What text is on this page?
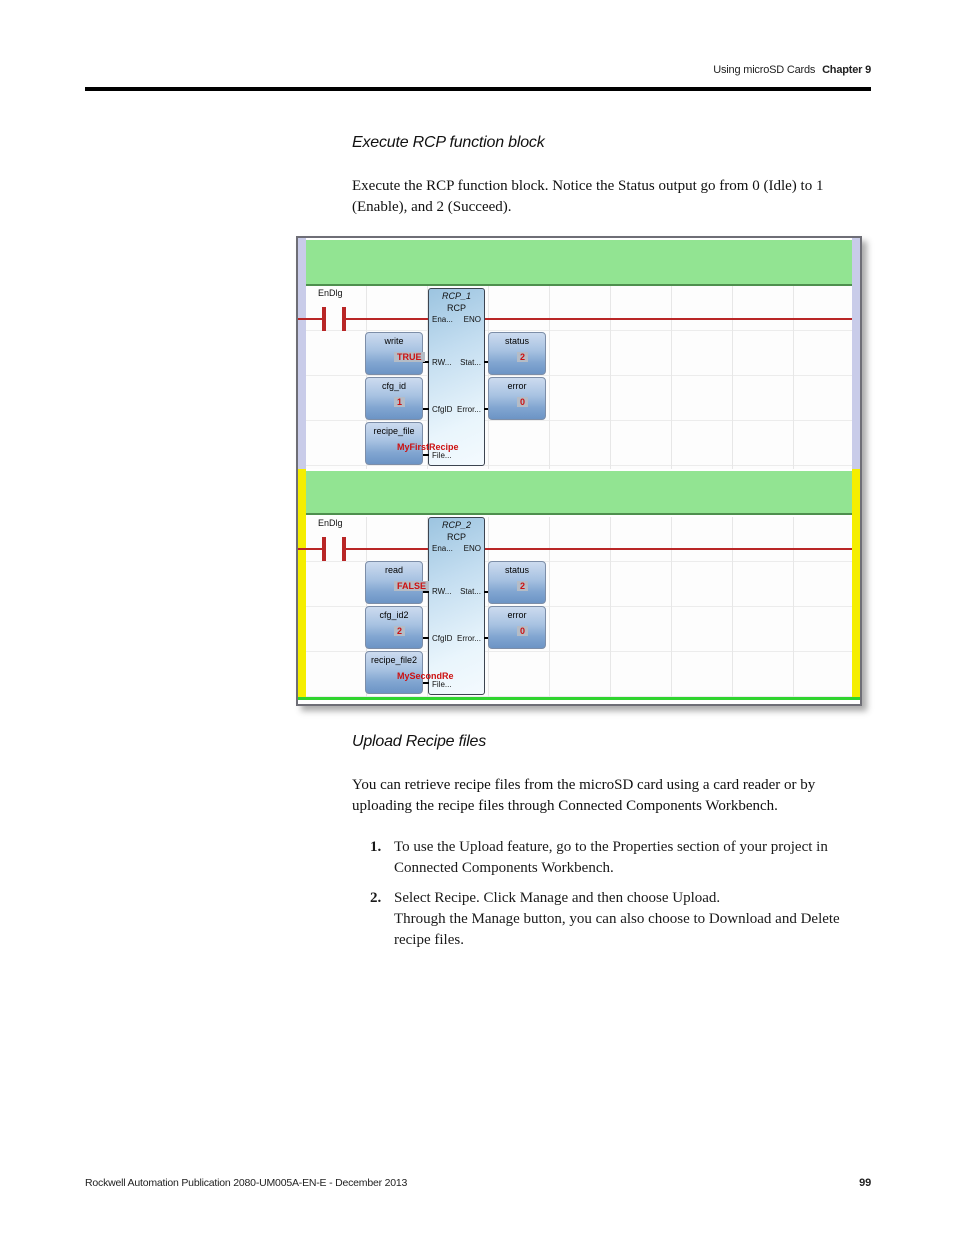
Using microSD Cards Chapter 9
Execute RCP function block

Execute the RCP function block. Notice the Status output go from 0 (Idle) to 1 (Enable), and 2 (Succeed).

EnDlg	RCP_1
RCP
Ena... ENO
RW... Stat...
CfgID Error...
File...
write
TRUE
cfg_id
1
recipe_file
MyFirstRecipe
status
2
error
0
EnDlg	RCP_2
RCP
Ena... ENO
RW... Stat...
CfgID Error...
File...
read
FALSE
cfg_id2
2
recipe_file2
MySecondRe
status
2
error
0
Upload Recipe files

You can retrieve recipe files from the microSD card using a card reader or by uploading the recipe files through Connected Components Workbench.

1. To use the Upload feature, go to the Properties section of your project in Connected Components Workbench.
2. Select Recipe. Click Manage and then choose Upload.
Through the Manage button, you can also choose to Download and Delete recipe files.
Rockwell Automation Publication 2080-UM005A-EN-E - December 2013	99
